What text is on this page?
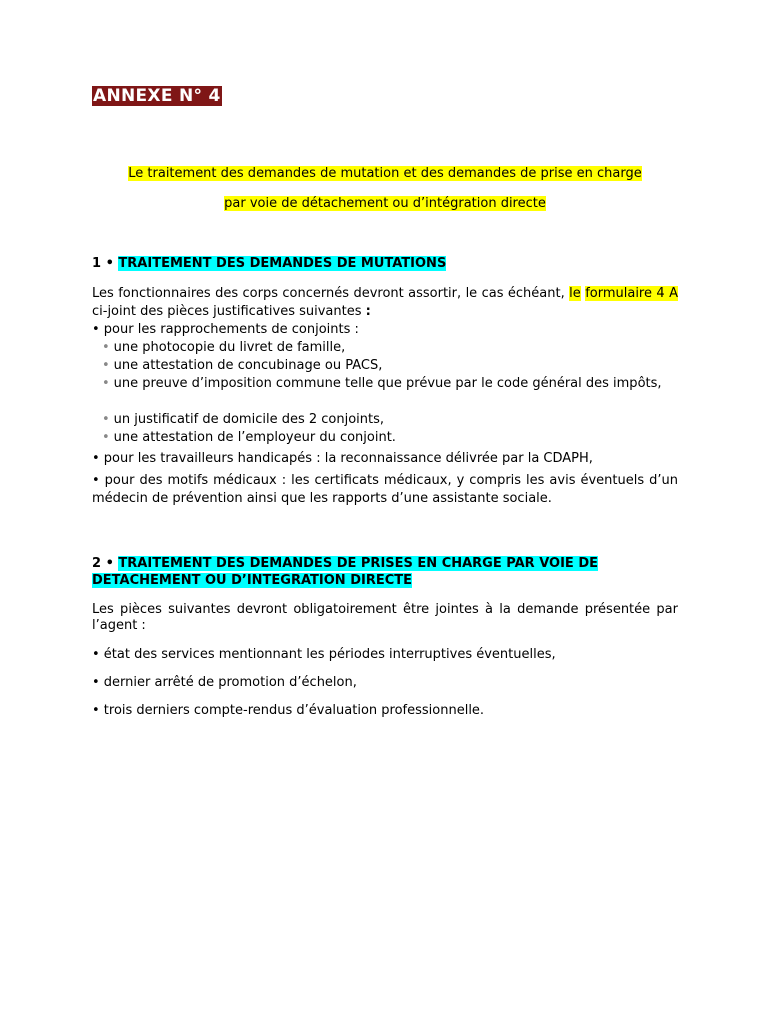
ANNEXE N° 4
Le traitement des demandes de mutation et des demandes de prise en charge
par voie de détachement ou d’intégration directe
1 • TRAITEMENT DES DEMANDES DE MUTATIONS
Les fonctionnaires des corps concernés devront assortir, le cas échéant, le formulaire 4 A ci-joint des pièces justificatives suivantes :
• pour les rapprochements de conjoints :
• une photocopie du livret de famille,
• une attestation de concubinage ou PACS,
• une preuve d’imposition commune telle que prévue par le code général des impôts,
• un justificatif de domicile des 2 conjoints,
• une attestation de l’employeur du conjoint.
• pour les travailleurs handicapés : la reconnaissance délivrée par la CDAPH,
• pour des motifs médicaux : les certificats médicaux, y compris les avis éventuels d’un médecin de prévention ainsi que les rapports d’une assistante sociale.
2 • TRAITEMENT DES DEMANDES DE PRISES EN CHARGE PAR VOIE DE DETACHEMENT OU D’INTEGRATION DIRECTE
Les pièces suivantes devront obligatoirement être jointes à la demande présentée par l’agent :
• état des services mentionnant les périodes interruptives éventuelles,
• dernier arrêté de promotion d’échelon,
• trois derniers compte-rendus d’évaluation professionnelle.
